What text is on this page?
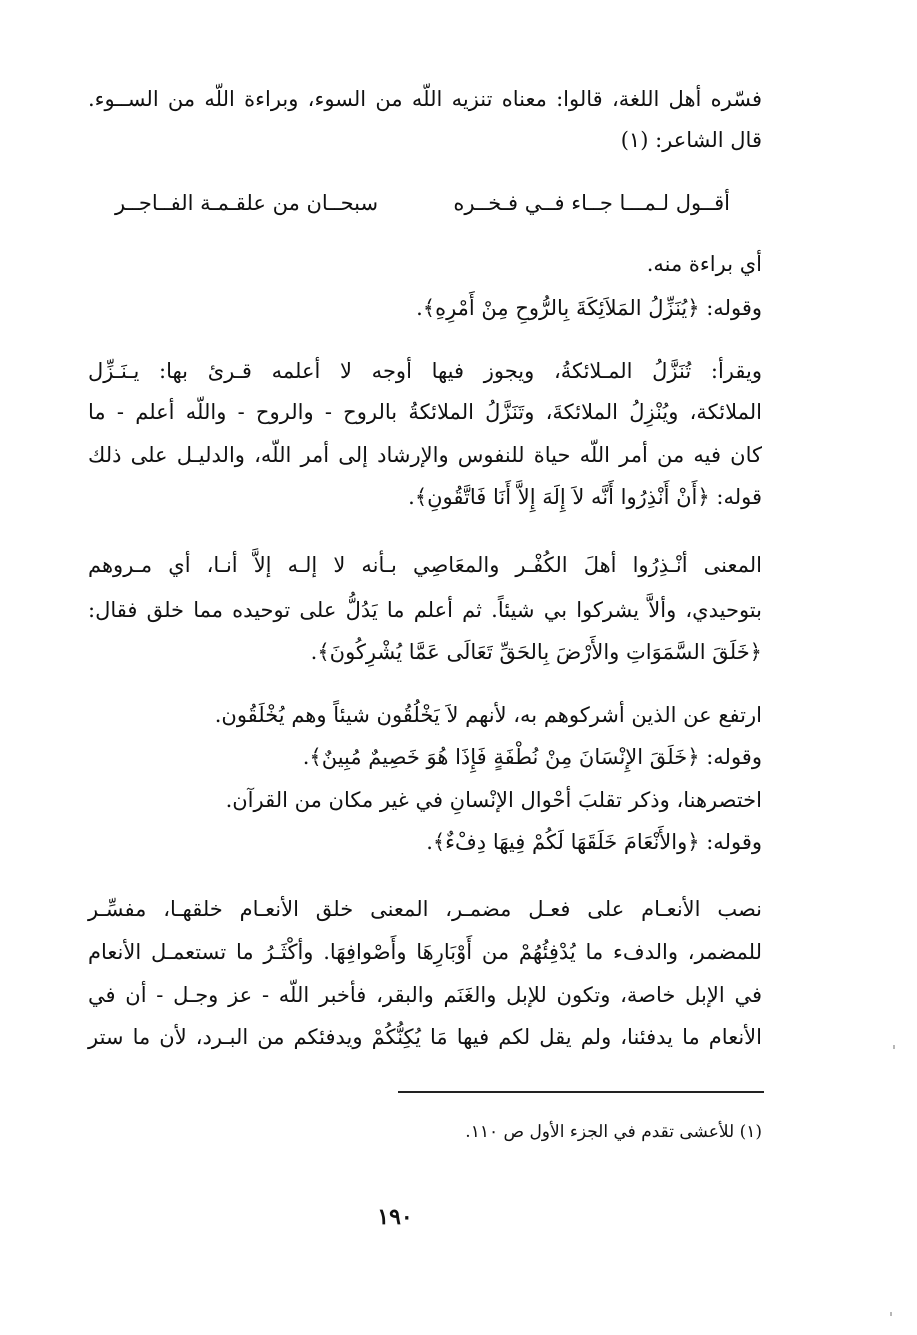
فسّره أهل اللغة، قالوا: معناه تنزيه اللّه من السوء، وبراءة اللّه من الســوء.
قال الشاعر: (١)
أقــول لـمـــا جــاء فــي فـخــره
سبحــان من علقـمـة الفــاجــر
أي براءة منه.
وقوله: ﴿يُنَزِّلُ المَلاَئِكَةَ بِالرُّوحِ مِنْ أَمْرِهِ﴾.
ويقرأ: تُنَزَّلُ المـلائكةُ، ويجوز فيها أوجه لا أعلمه قـرئ بها: يـنَـزِّل
الملائكة، ويُنْزِلُ الملائكةَ، وتَنَزَّلُ الملائكةُ بالروح - والروح - واللّه أعلم - ما
كان فيه من أمر اللّه حياة للنفوس والإرشاد إلى أمر اللّه، والدليـل على ذلك
قوله: ﴿أَنْ أَنْذِرُوا أَنَّه لاَ إِلَهَ إِلاَّ أَنَا فَاتَّقُونِ﴾.
المعنى أنْـذِرُوا أهلَ الكُفْـر والمعَاصِي بـأنه لا إلـه إلاَّ أنـا، أي مـروهم
بتوحيدي، وألاَّ يشركوا بي شيئاً. ثم أعلم ما يَدُلُّ على توحيده مما خلق فقال:
﴿خَلَقَ السَّمَوَاتِ والأَرْضَ بِالحَقِّ تَعَالَى عَمَّا يُشْرِكُونَ﴾.
ارتفع عن الذين أشركوهم به، لأنهم لاَ يَخْلُقُون شيئاً وهم يُخْلَقُون.
وقوله: ﴿خَلَقَ الإِنْسَانَ مِنْ نُطْفَةٍ فَإِذَا هُوَ خَصِيمٌ مُبِينٌ﴾.
اختصرهنا، وذكر تقلبَ أحْوال الإنْسانِ في غير مكان من القرآن.
وقوله: ﴿والأَنْعَامَ خَلَقَهَا لَكُمْ فِيهَا دِفْءٌ﴾.
نصب الأنعـام على فعـل مضمـر، المعنى خلق الأنعـام خلقهـا، مفسِّـر
للمضمر، والدفء ما يُدْفِئُهُمْ من أَوْبَارِهَا وأَصْوافِهَا. وأكْثَـرُ ما تستعمـل الأنعام
في الإبل خاصة، وتكون للإبل والغَنَم والبقر، فأخبر اللّه - عز وجـل - أن في
الأنعام ما يدفئنا، ولم يقل لكم فيها مَا يُكِنُّكُمْ ويدفئكم من البـرد، لأن ما ستر
(١) للأعشى تقدم في الجزء الأول ص ١١٠.
١٩٠
